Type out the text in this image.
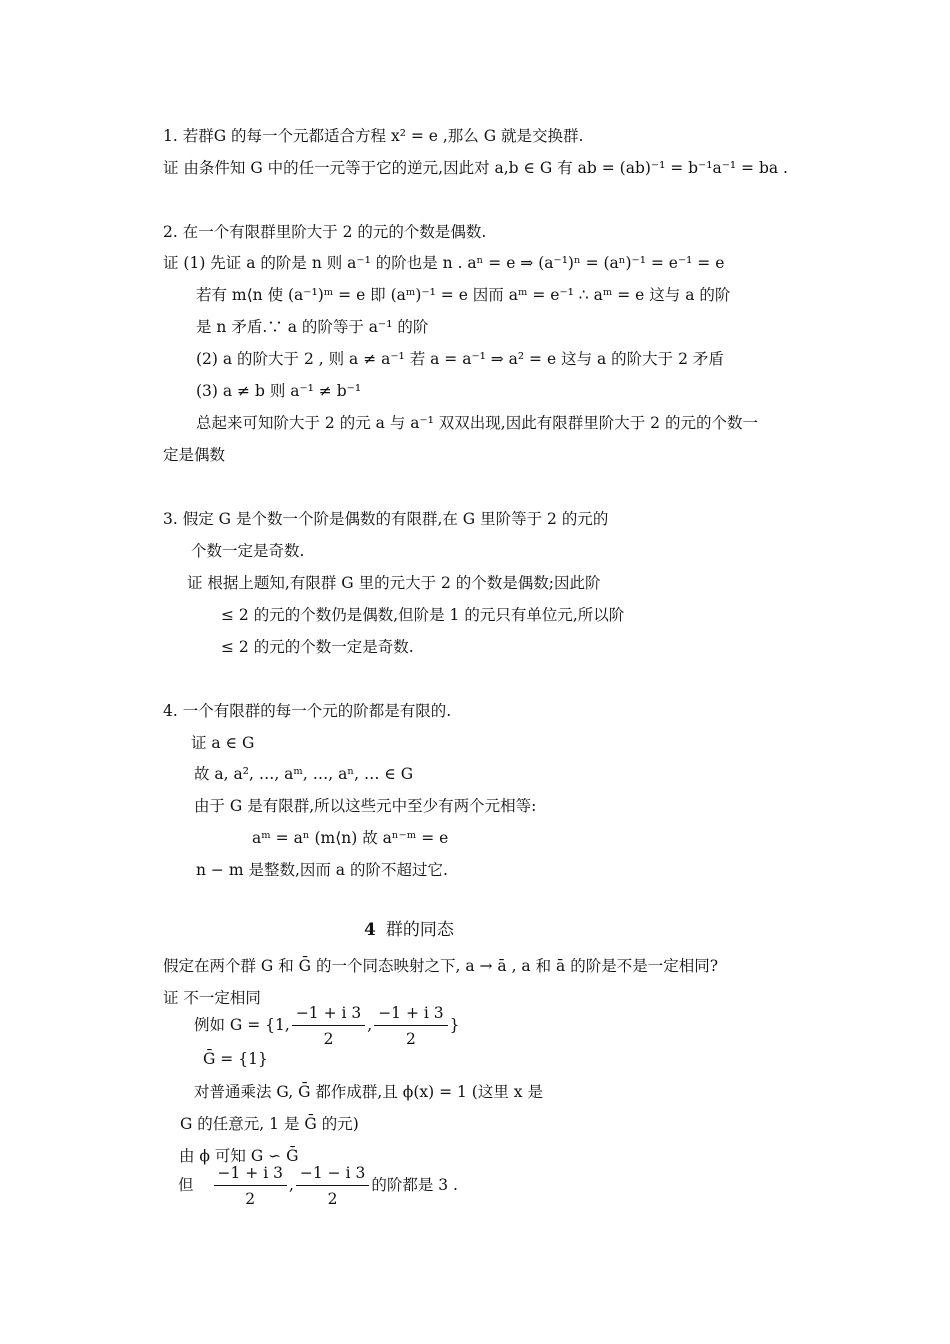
1. 若群G 的每一个元都适合方程 x² = e ,那么 G 就是交换群.
证 由条件知 G 中的任一元等于它的逆元,因此对 a,b ∈ G 有 ab = (ab)⁻¹ = b⁻¹a⁻¹ = ba .
2. 在一个有限群里阶大于 2 的元的个数是偶数.
证 (1) 先证 a 的阶是 n 则 a⁻¹ 的阶也是 n . aⁿ = e ⇒ (a⁻¹)ⁿ = (aⁿ)⁻¹ = e⁻¹ = e
若有 m⟨n 使 (a⁻¹)ᵐ = e 即 (aᵐ)⁻¹ = e 因而 aᵐ = e⁻¹ ∴ aᵐ = e 这与 a 的阶
是 n 矛盾.∵ a 的阶等于 a⁻¹ 的阶
(2) a 的阶大于 2 , 则 a ≠ a⁻¹ 若 a = a⁻¹ ⇒ a² = e 这与 a 的阶大于 2 矛盾
(3) a ≠ b 则 a⁻¹ ≠ b⁻¹
总起来可知阶大于 2 的元 a 与 a⁻¹ 双双出现,因此有限群里阶大于 2 的元的个数一
定是偶数
3. 假定 G 是个数一个阶是偶数的有限群,在 G 里阶等于 2 的元的
个数一定是奇数.
证 根据上题知,有限群 G 里的元大于 2 的个数是偶数;因此阶
≤ 2 的元的个数仍是偶数,但阶是 1 的元只有单位元,所以阶
≤ 2 的元的个数一定是奇数.
4. 一个有限群的每一个元的阶都是有限的.
证 a ∈ G
故 a, a², …, aᵐ, …, aⁿ, … ∈ G
由于 G 是有限群,所以这些元中至少有两个元相等:
aᵐ = aⁿ (m⟨n) 故 aⁿ⁻ᵐ = e
n − m 是整数,因而 a 的阶不超过它.
4 群的同态
假定在两个群 G 和 Ḡ 的一个同态映射之下, a → ā , a 和 ā 的阶是不是一定相同?
证 不一定相同
例如 G = {1, $\frac{-1 + i 3}{2}$ , $\frac{-1 + i 3}{2}$ }
Ḡ = {1}
对普通乘法 G, Ḡ 都作成群,且 ϕ(x) = 1 (这里 x 是
G 的任意元, 1 是 Ḡ 的元)
由 ϕ 可知 G ∽ Ḡ
但 $\frac{-1 + i 3}{2}$ , $\frac{-1 - i 3}{2}$ 的阶都是 3 .
